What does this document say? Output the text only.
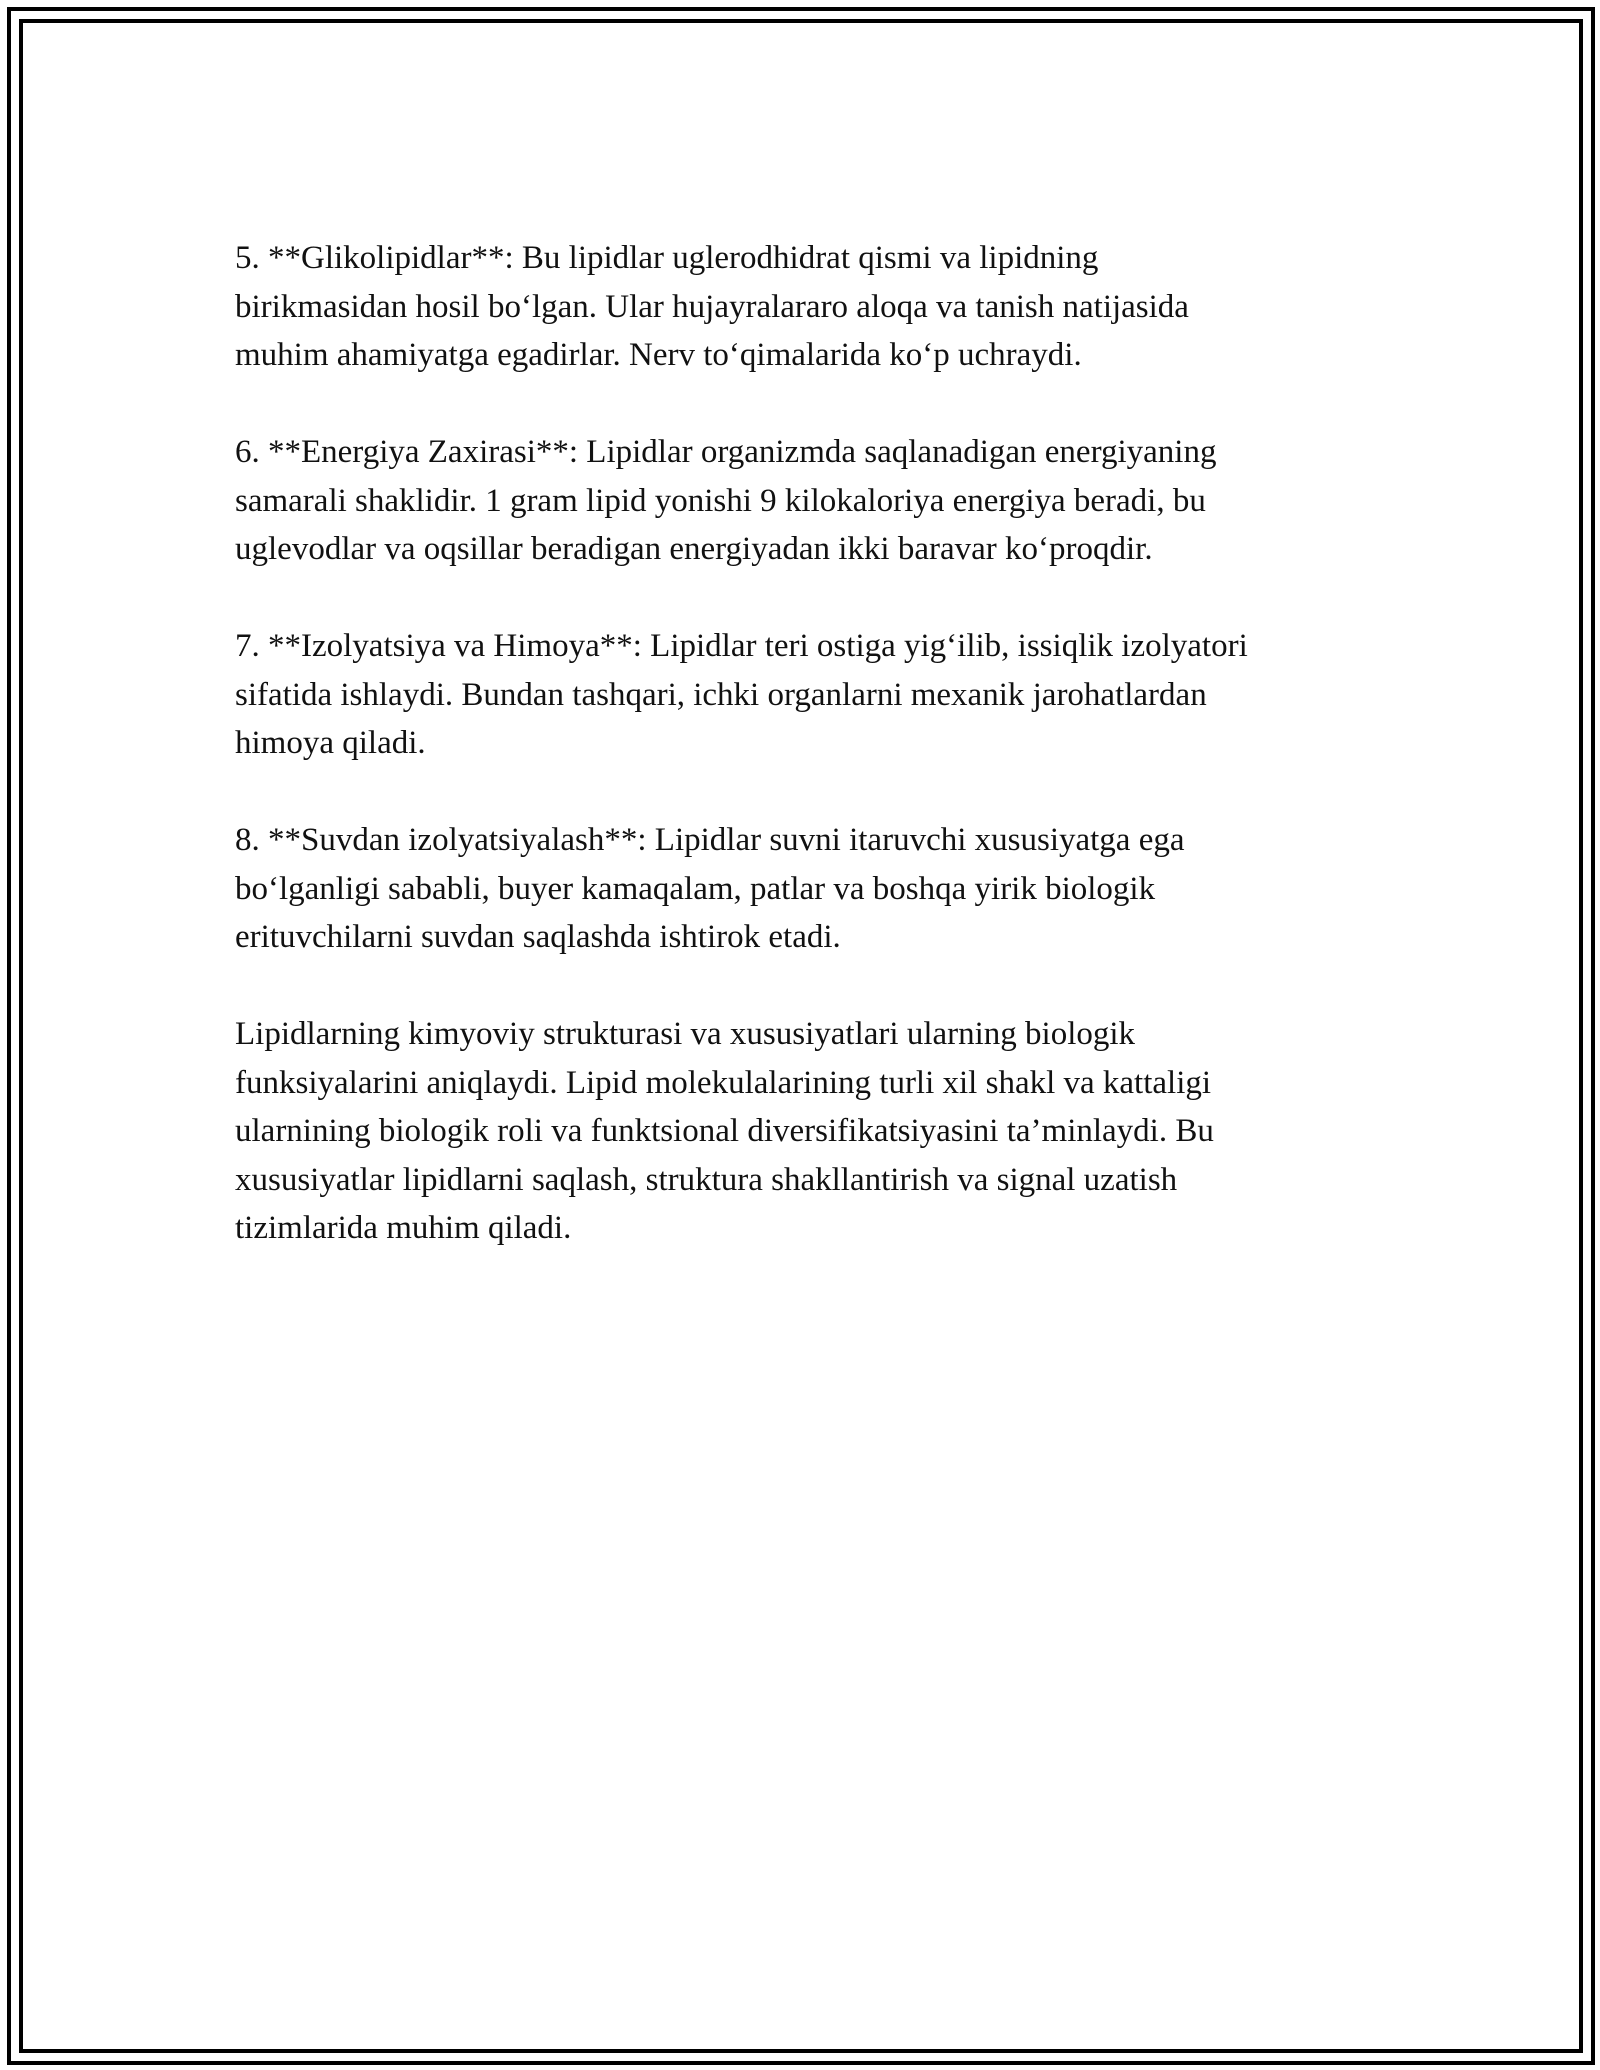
5. **Glikolipidlar**: Bu lipidlar uglerodhidrat qismi va lipidning
birikmasidan hosil bo‘lgan. Ular hujayralararo aloqa va tanish natijasida
muhim ahamiyatga egadirlar. Nerv to‘qimalarida ko‘p uchraydi.

6. **Energiya Zaxirasi**: Lipidlar organizmda saqlanadigan energiyaning
samarali shaklidir. 1 gram lipid yonishi 9 kilokaloriya energiya beradi, bu
uglevodlar va oqsillar beradigan energiyadan ikki baravar ko‘proqdir.

7. **Izolyatsiya va Himoya**: Lipidlar teri ostiga yig‘ilib, issiqlik izolyatori
sifatida ishlaydi. Bundan tashqari, ichki organlarni mexanik jarohatlardan
himoya qiladi.

8. **Suvdan izolyatsiyalash**: Lipidlar suvni itaruvchi xususiyatga ega
bo‘lganligi sababli, buyer kamaqalam, patlar va boshqa yirik biologik
erituvchilarni suvdan saqlashda ishtirok etadi.

Lipidlarning kimyoviy strukturasi va xususiyatlari ularning biologik
funksiyalarini aniqlaydi. Lipid molekulalarining turli xil shakl va kattaligi
ularnining biologik roli va funktsional diversifikatsiyasini ta’minlaydi. Bu
xususiyatlar lipidlarni saqlash, struktura shakllantirish va signal uzatish
tizimlarida muhim qiladi.
